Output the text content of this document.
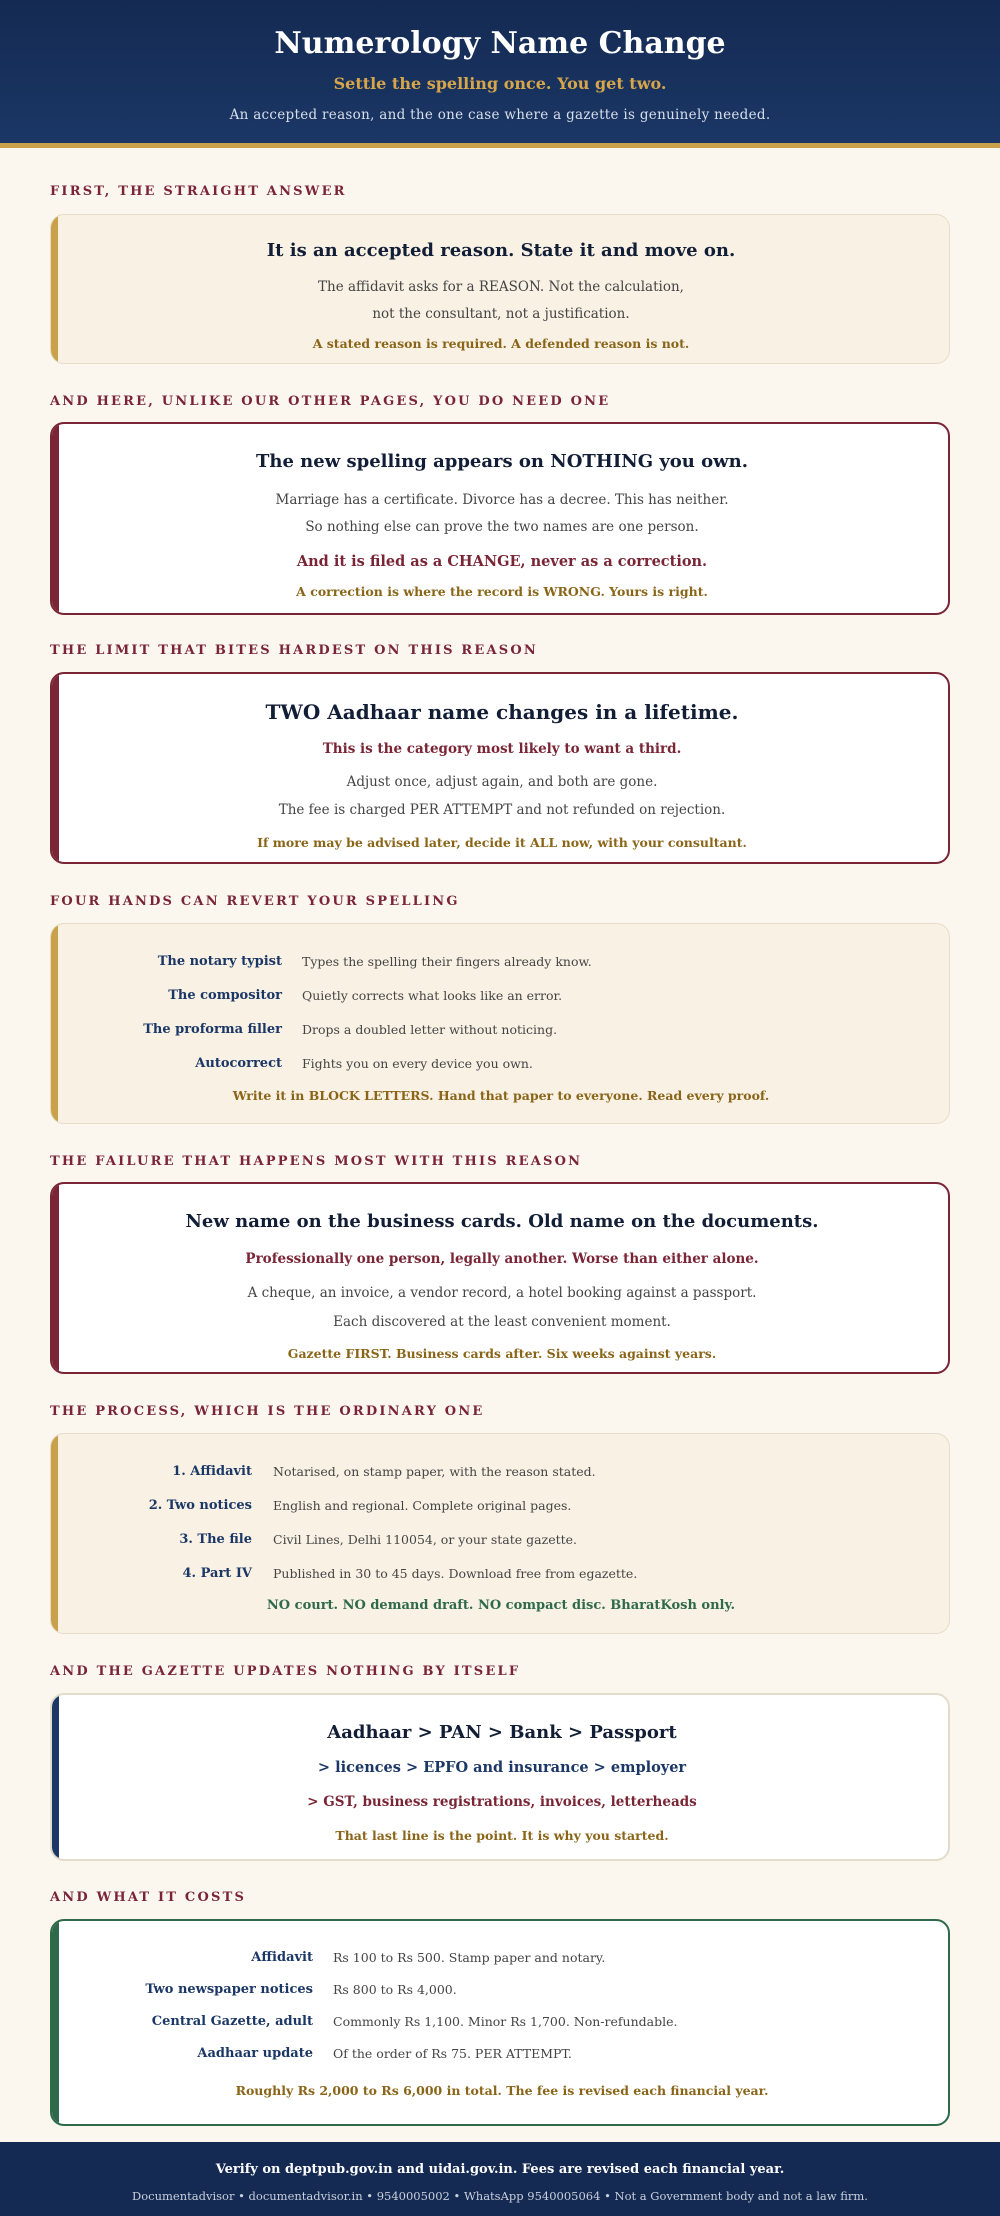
Numerology Name Change
Settle the spelling once. You get two.
An accepted reason, and the one case where a gazette is genuinely needed.
FIRST, THE STRAIGHT ANSWER
It is an accepted reason. State it and move on.
The affidavit asks for a REASON. Not the calculation,
not the consultant, not a justification.
A stated reason is required. A defended reason is not.
AND HERE, UNLIKE OUR OTHER PAGES, YOU DO NEED ONE
The new spelling appears on NOTHING you own.
Marriage has a certificate. Divorce has a decree. This has neither.
So nothing else can prove the two names are one person.
And it is filed as a CHANGE, never as a correction.
A correction is where the record is WRONG. Yours is right.
THE LIMIT THAT BITES HARDEST ON THIS REASON
TWO Aadhaar name changes in a lifetime.
This is the category most likely to want a third.
Adjust once, adjust again, and both are gone.
The fee is charged PER ATTEMPT and not refunded on rejection.
If more may be advised later, decide it ALL now, with your consultant.
FOUR HANDS CAN REVERT YOUR SPELLING
The notary typist Types the spelling their fingers already know.
The compositor Quietly corrects what looks like an error.
The proforma filler Drops a doubled letter without noticing.
Autocorrect Fights you on every device you own.
Write it in BLOCK LETTERS. Hand that paper to everyone. Read every proof.
THE FAILURE THAT HAPPENS MOST WITH THIS REASON
New name on the business cards. Old name on the documents.
Professionally one person, legally another. Worse than either alone.
A cheque, an invoice, a vendor record, a hotel booking against a passport.
Each discovered at the least convenient moment.
Gazette FIRST. Business cards after. Six weeks against years.
THE PROCESS, WHICH IS THE ORDINARY ONE
1. Affidavit Notarised, on stamp paper, with the reason stated.
2. Two notices English and regional. Complete original pages.
3. The file Civil Lines, Delhi 110054, or your state gazette.
4. Part IV Published in 30 to 45 days. Download free from egazette.
NO court. NO demand draft. NO compact disc. BharatKosh only.
AND THE GAZETTE UPDATES NOTHING BY ITSELF
Aadhaar > PAN > Bank > Passport
> licences > EPFO and insurance > employer
> GST, business registrations, invoices, letterheads
That last line is the point. It is why you started.
AND WHAT IT COSTS
Affidavit Rs 100 to Rs 500. Stamp paper and notary.
Two newspaper notices Rs 800 to Rs 4,000.
Central Gazette, adult Commonly Rs 1,100. Minor Rs 1,700. Non-refundable.
Aadhaar update Of the order of Rs 75. PER ATTEMPT.
Roughly Rs 2,000 to Rs 6,000 in total. The fee is revised each financial year.
Verify on deptpub.gov.in and uidai.gov.in. Fees are revised each financial year.
Documentadvisor • documentadvisor.in • 9540005002 • WhatsApp 9540005064 • Not a Government body and not a law firm.
